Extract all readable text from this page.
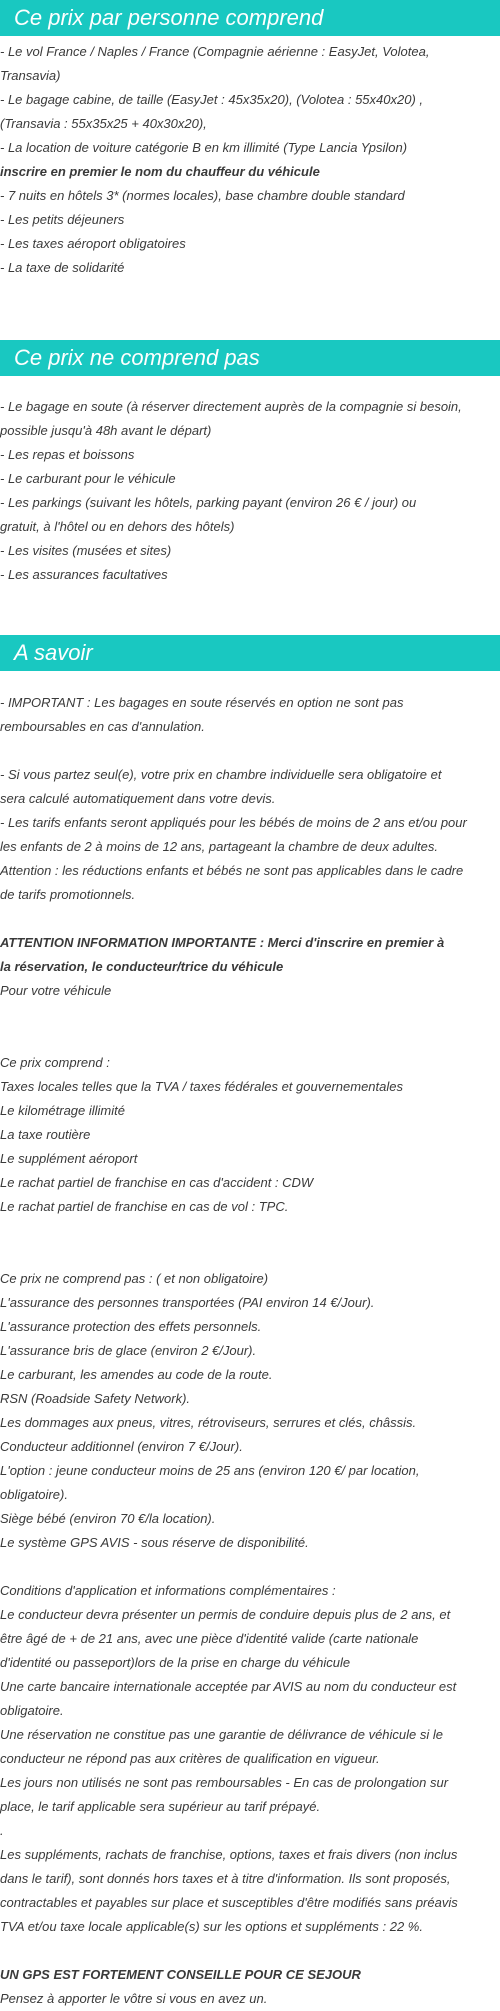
Ce prix par personne comprend
- Le vol France / Naples / France (Compagnie aérienne : EasyJet, Volotea,
Transavia)
- Le bagage cabine, de taille (EasyJet : 45x35x20), (Volotea : 55x40x20) ,
(Transavia : 55x35x25 + 40x30x20),
- La location de voiture catégorie B en km illimité (Type Lancia Ypsilon)
inscrire en premier le nom du chauffeur du véhicule
- 7 nuits en hôtels 3* (normes locales), base chambre double standard
- Les petits déjeuners
- Les taxes aéroport obligatoires
- La taxe de solidarité
Ce prix ne comprend pas
- Le bagage en soute (à réserver directement auprès de la compagnie si besoin,
possible jusqu'à 48h avant le départ)
- Les repas et boissons
- Le carburant pour le véhicule
- Les parkings (suivant les hôtels, parking payant (environ 26 € / jour) ou
gratuit, à l'hôtel ou en dehors des hôtels)
- Les visites (musées et sites)
- Les assurances facultatives
A savoir
- IMPORTANT : Les bagages en soute réservés en option ne sont pas
remboursables en cas d'annulation.

- Si vous partez seul(e), votre prix en chambre individuelle sera obligatoire et
sera calculé automatiquement dans votre devis.
- Les tarifs enfants seront appliqués pour les bébés de moins de 2 ans et/ou pour
les enfants de 2 à moins de 12 ans, partageant la chambre de deux adultes.
Attention : les réductions enfants et bébés ne sont pas applicables dans le cadre
de tarifs promotionnels.

ATTENTION INFORMATION IMPORTANTE : Merci d'inscrire en premier à
la réservation, le conducteur/trice du véhicule
Pour votre véhicule

Ce prix comprend :
Taxes locales telles que la TVA / taxes fédérales et gouvernementales
Le kilométrage illimité
La taxe routière
Le supplément aéroport
Le rachat partiel de franchise en cas d'accident : CDW
Le rachat partiel de franchise en cas de vol : TPC.

Ce prix ne comprend pas : ( et non obligatoire)
L'assurance des personnes transportées (PAI environ 14 €/Jour).
L'assurance protection des effets personnels.
L'assurance bris de glace (environ 2 €/Jour).
Le carburant, les amendes au code de la route.
RSN (Roadside Safety Network).
Les dommages aux pneus, vitres, rétroviseurs, serrures et clés, châssis.
Conducteur additionnel (environ 7 €/Jour).
L'option : jeune conducteur moins de 25 ans (environ 120 €/ par location,
obligatoire).
Siège bébé (environ 70 €/la location).
Le système GPS AVIS - sous réserve de disponibilité.

Conditions d'application et informations complémentaires :
Le conducteur devra présenter un permis de conduire depuis plus de 2 ans, et
être âgé de + de 21 ans, avec une pièce d'identité valide (carte nationale
d'identité ou passeport)lors de la prise en charge du véhicule
Une carte bancaire internationale acceptée par AVIS au nom du conducteur est
obligatoire.
Une réservation ne constitue pas une garantie de délivrance de véhicule si le
conducteur ne répond pas aux critères de qualification en vigueur.
Les jours non utilisés ne sont pas remboursables - En cas de prolongation sur
place, le tarif applicable sera supérieur au tarif prépayé.
.
Les suppléments, rachats de franchise, options, taxes et frais divers (non inclus
dans le tarif), sont donnés hors taxes et à titre d'information. Ils sont proposés,
contractables et payables sur place et susceptibles d'être modifiés sans préavis
TVA et/ou taxe locale applicable(s) sur les options et suppléments : 22 %.

UN GPS EST FORTEMENT CONSEILLE POUR CE SEJOUR
Pensez à apporter le vôtre si vous en avez un.
